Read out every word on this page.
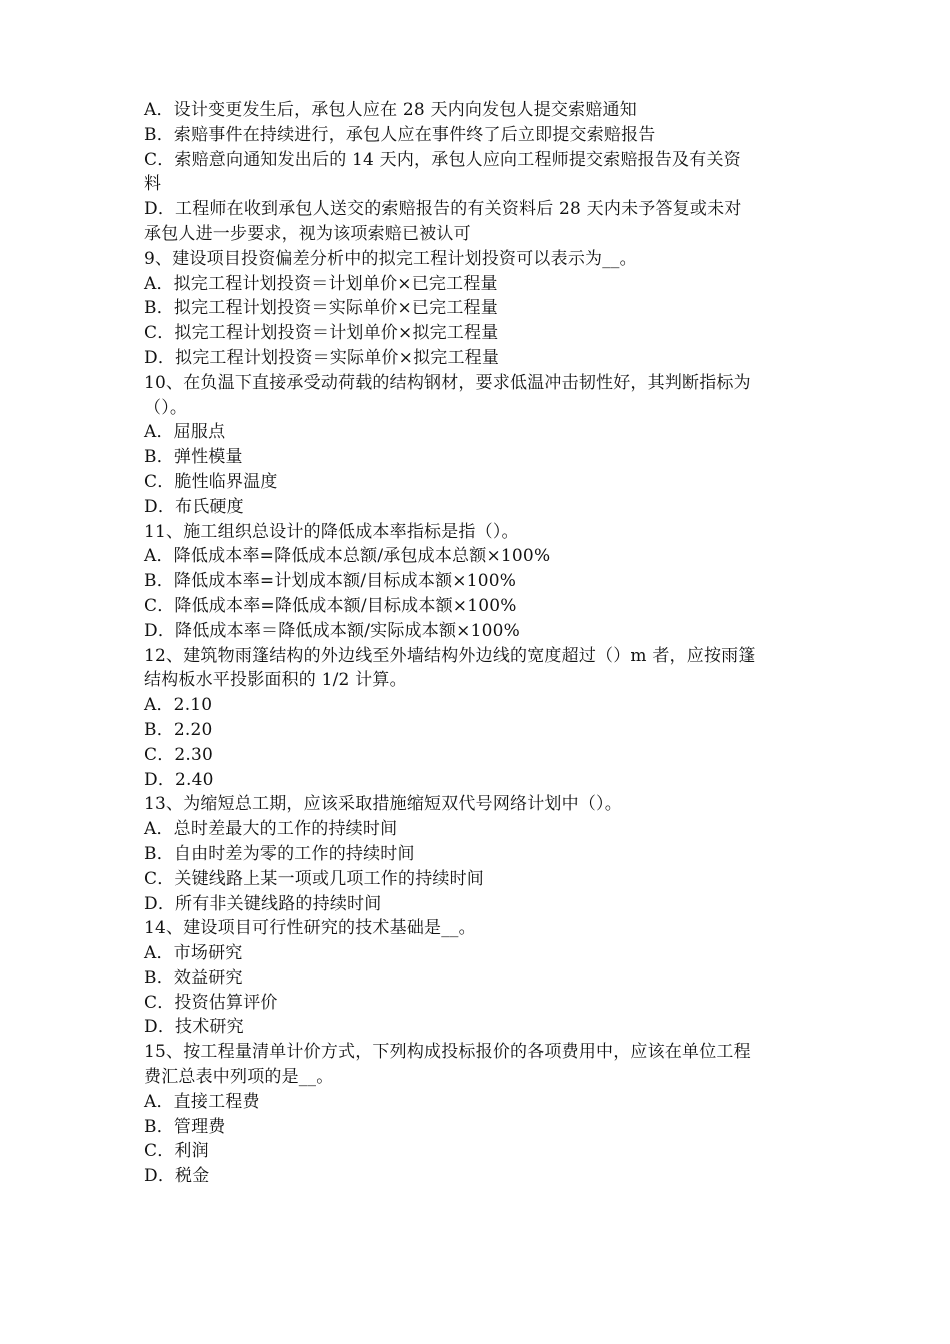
A．设计变更发生后，承包人应在 28 天内向发包人提交索赔通知
B．索赔事件在持续进行，承包人应在事件终了后立即提交索赔报告
C．索赔意向通知发出后的 14 天内，承包人应向工程师提交索赔报告及有关资
料
D．工程师在收到承包人送交的索赔报告的有关资料后 28 天内未予答复或未对
承包人进一步要求，视为该项索赔已被认可
9、建设项目投资偏差分析中的拟完工程计划投资可以表示为__。
A．拟完工程计划投资＝计划单价×已完工程量
B．拟完工程计划投资＝实际单价×已完工程量
C．拟完工程计划投资＝计划单价×拟完工程量
D．拟完工程计划投资＝实际单价×拟完工程量
10、在负温下直接承受动荷载的结构钢材，要求低温冲击韧性好，其判断指标为
（）。
A．屈服点
B．弹性模量
C．脆性临界温度
D．布氏硬度
11、施工组织总设计的降低成本率指标是指（）。
A．降低成本率=降低成本总额/承包成本总额×100%
B．降低成本率=计划成本额/目标成本额×100%
C．降低成本率=降低成本额/目标成本额×100%
D．降低成本率＝降低成本额/实际成本额×100%
12、建筑物雨篷结构的外边线至外墙结构外边线的宽度超过（）m 者，应按雨篷
结构板水平投影面积的 1/2 计算。
A．2.10
B．2.20
C．2.30
D．2.40
13、为缩短总工期，应该采取措施缩短双代号网络计划中（）。
A．总时差最大的工作的持续时间
B．自由时差为零的工作的持续时间
C．关键线路上某一项或几项工作的持续时间
D．所有非关键线路的持续时间
14、建设项目可行性研究的技术基础是__。
A．市场研究
B．效益研究
C．投资估算评价
D．技术研究
15、按工程量清单计价方式，下列构成投标报价的各项费用中，应该在单位工程
费汇总表中列项的是__。
A．直接工程费
B．管理费
C．利润
D．税金
